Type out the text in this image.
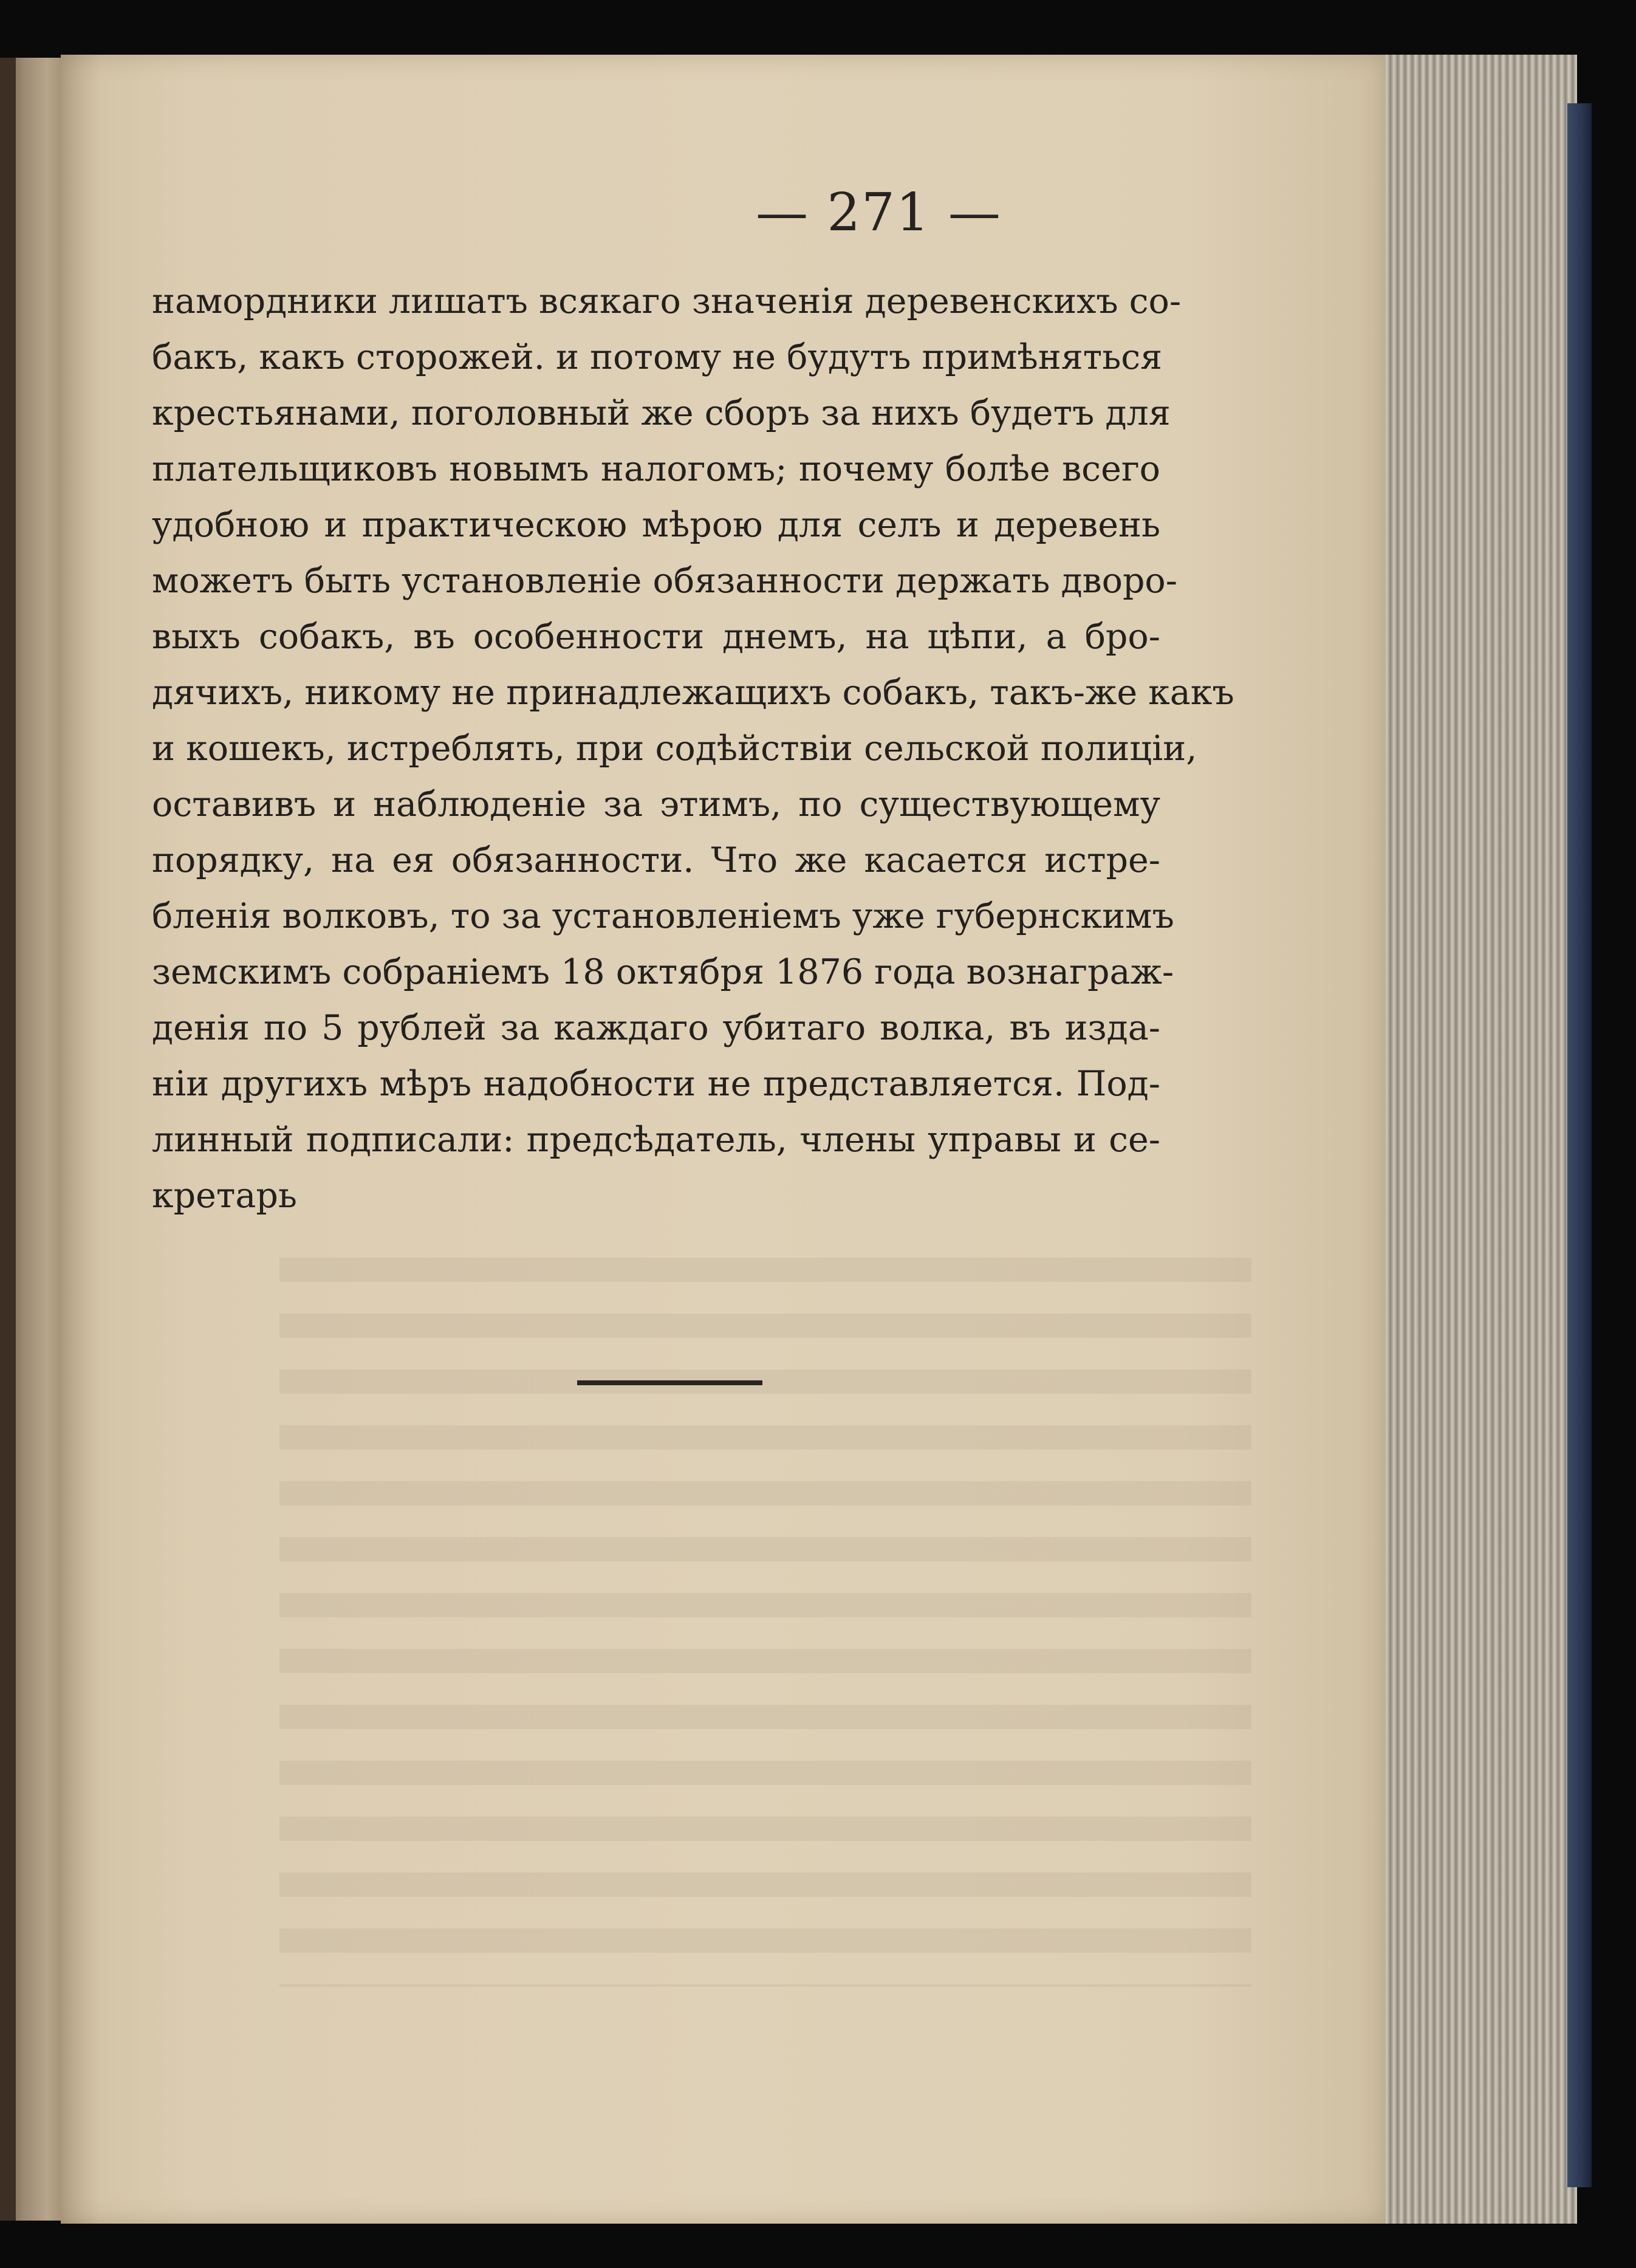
— 271 —
намордники лишатъ всякаго значенія деревенскихъ со-
бакъ, какъ сторожей. и потому не будутъ примѣняться
крестьянами, поголовный же сборъ за нихъ будетъ для
плательщиковъ новымъ налогомъ; почему болѣе всего
удобною и практическою мѣрою для селъ и деревень
можетъ быть установленіе обязанности держать дворо-
выхъ собакъ, въ особенности днемъ, на цѣпи, а бро-
дячихъ, никому не принадлежащихъ собакъ, такъ-же какъ
и кошекъ, истреблять, при содѣйствіи сельской полиціи,
оставивъ и наблюденіе за этимъ, по существующему
порядку, на ея обязанности. Что же касается истре-
бленія волковъ, то за установленіемъ уже губернскимъ
земскимъ собраніемъ 18 октября 1876 года вознаграж-
денія по 5 рублей за каждаго убитаго волка, въ изда-
ніи другихъ мѣръ надобности не представляется. Под-
линный подписали: предсѣдатель, члены управы и се-
кретарь
